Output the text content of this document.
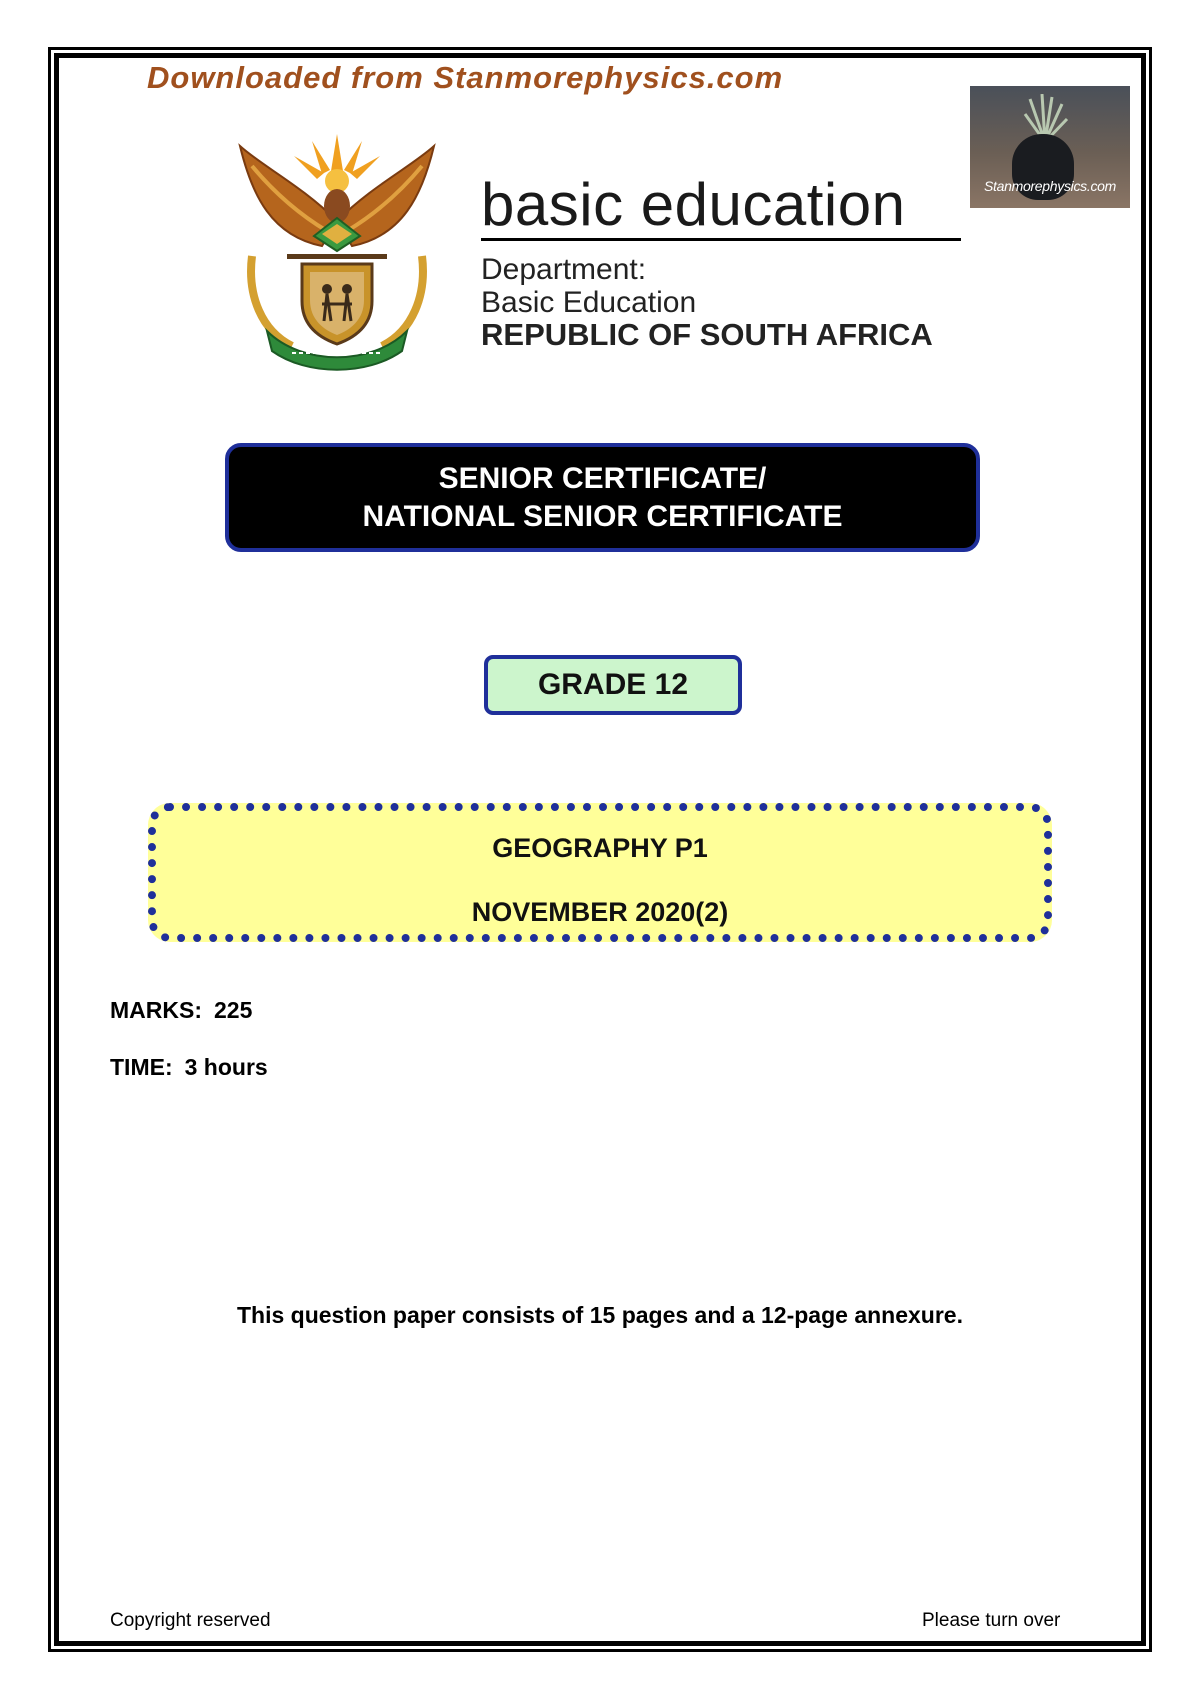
Downloaded from Stanmorephysics.com
Stanmorephysics.com
basic education
Department:
Basic Education
REPUBLIC OF SOUTH AFRICA
SENIOR CERTIFICATE/
NATIONAL SENIOR CERTIFICATE
GRADE 12
GEOGRAPHY P1
NOVEMBER 2020(2)
MARKS: 225
TIME: 3 hours
This question paper consists of 15 pages and a 12-page annexure.
Copyright reserved	Please turn over
